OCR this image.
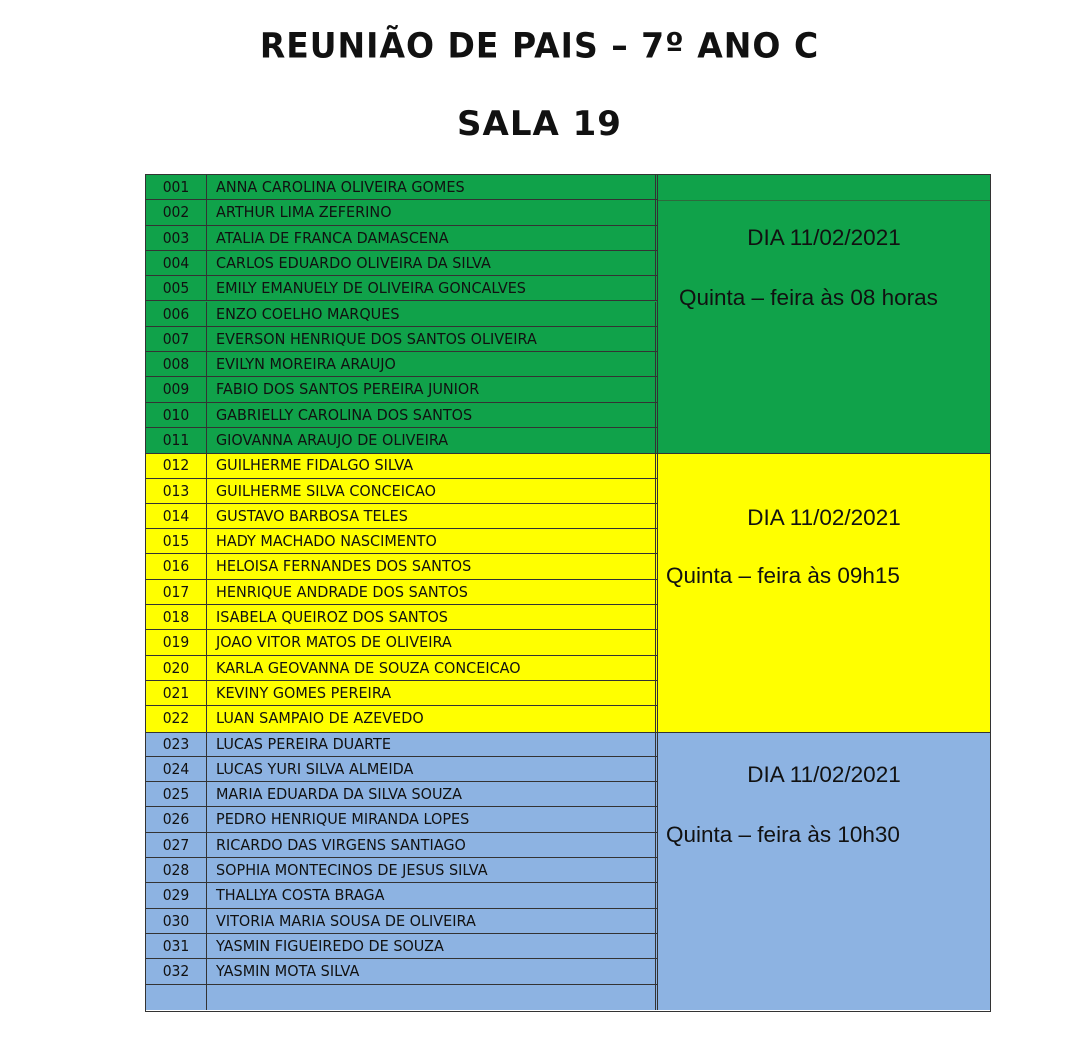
REUNIÃO DE PAIS – 7º ANO C
SALA 19
001	ANNA CAROLINA OLIVEIRA GOMES
002	ARTHUR LIMA ZEFERINO
003	ATALIA DE FRANCA DAMASCENA
004	CARLOS EDUARDO OLIVEIRA DA SILVA
005	EMILY EMANUELY DE OLIVEIRA GONCALVES
006	ENZO COELHO MARQUES
007	EVERSON HENRIQUE DOS SANTOS OLIVEIRA
008	EVILYN MOREIRA ARAUJO
009	FABIO DOS SANTOS PEREIRA JUNIOR
010	GABRIELLY CAROLINA DOS SANTOS
011	GIOVANNA ARAUJO DE OLIVEIRA
DIA 11/02/2021
Quinta – feira às 08 horas
012	GUILHERME FIDALGO SILVA
013	GUILHERME SILVA CONCEICAO
014	GUSTAVO BARBOSA TELES
015	HADY MACHADO NASCIMENTO
016	HELOISA FERNANDES DOS SANTOS
017	HENRIQUE ANDRADE DOS SANTOS
018	ISABELA QUEIROZ DOS SANTOS
019	JOAO VITOR MATOS DE OLIVEIRA
020	KARLA GEOVANNA DE SOUZA CONCEICAO
021	KEVINY GOMES PEREIRA
022	LUAN SAMPAIO DE AZEVEDO
DIA 11/02/2021
Quinta – feira às 09h15
023	LUCAS PEREIRA DUARTE
024	LUCAS YURI SILVA ALMEIDA
025	MARIA EDUARDA DA SILVA SOUZA
026	PEDRO HENRIQUE MIRANDA LOPES
027	RICARDO DAS VIRGENS SANTIAGO
028	SOPHIA MONTECINOS DE JESUS SILVA
029	THALLYA COSTA BRAGA
030	VITORIA MARIA SOUSA DE OLIVEIRA
031	YASMIN FIGUEIREDO DE SOUZA
032	YASMIN MOTA SILVA
DIA 11/02/2021
Quinta – feira às 10h30
